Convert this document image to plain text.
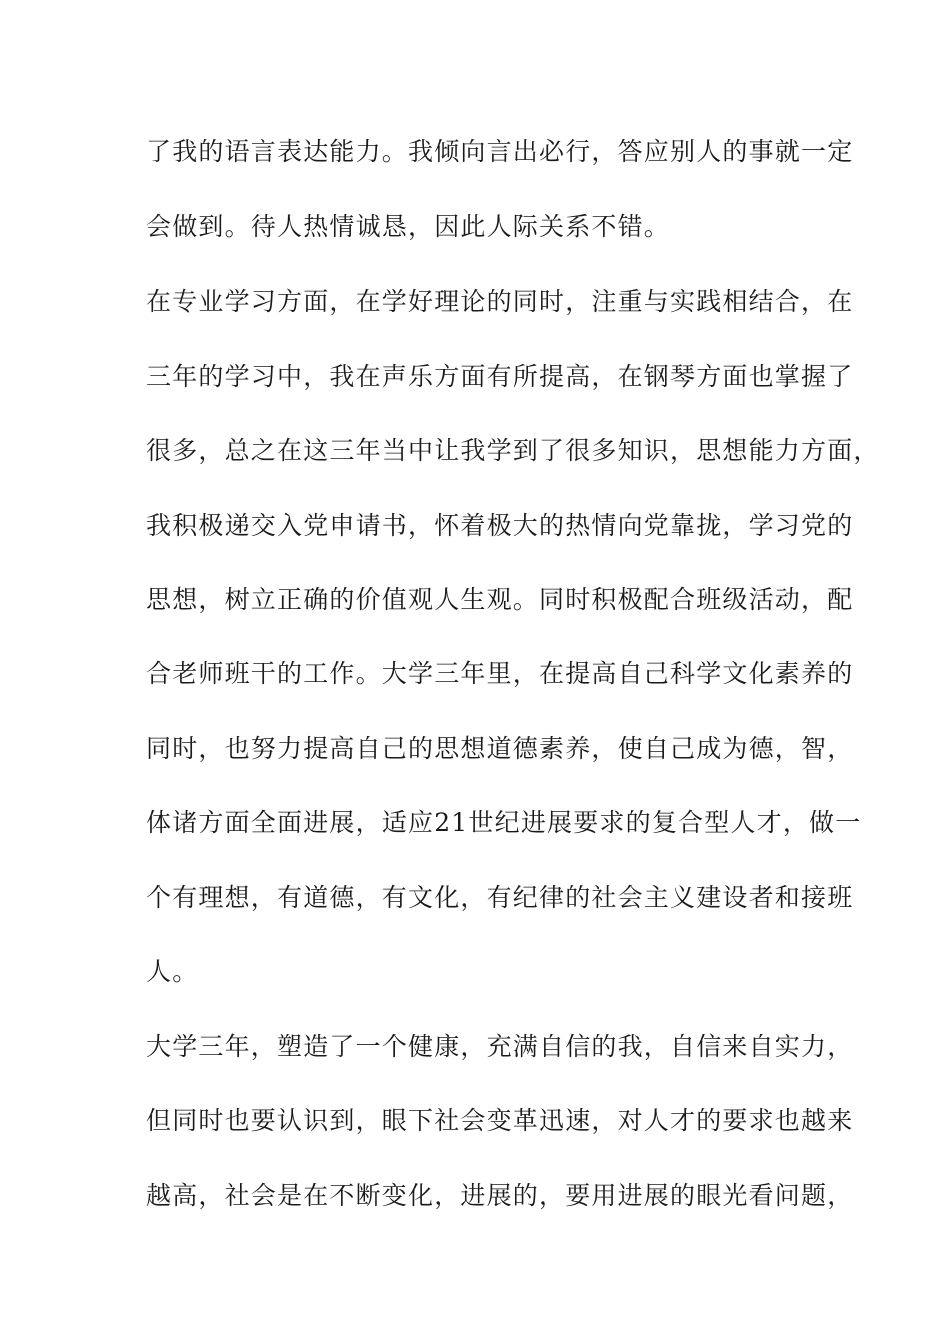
了我的语言表达能力。我倾向言出必行，答应别人的事就一定
会做到。待人热情诚恳，因此人际关系不错。
在专业学习方面，在学好理论的同时，注重与实践相结合，在
三年的学习中，我在声乐方面有所提高，在钢琴方面也掌握了
很多，总之在这三年当中让我学到了很多知识，思想能力方面，
我积极递交入党申请书，怀着极大的热情向党靠拢，学习党的
思想，树立正确的价值观人生观。同时积极配合班级活动，配
合老师班干的工作。大学三年里，在提高自己科学文化素养的
同时，也努力提高自己的思想道德素养，使自己成为德，智，
体诸方面全面进展，适应21世纪进展要求的复合型人才，做一
个有理想，有道德，有文化，有纪律的社会主义建设者和接班
人。
大学三年，塑造了一个健康，充满自信的我，自信来自实力，
但同时也要认识到，眼下社会变革迅速，对人才的要求也越来
越高，社会是在不断变化，进展的，要用进展的眼光看问题，
